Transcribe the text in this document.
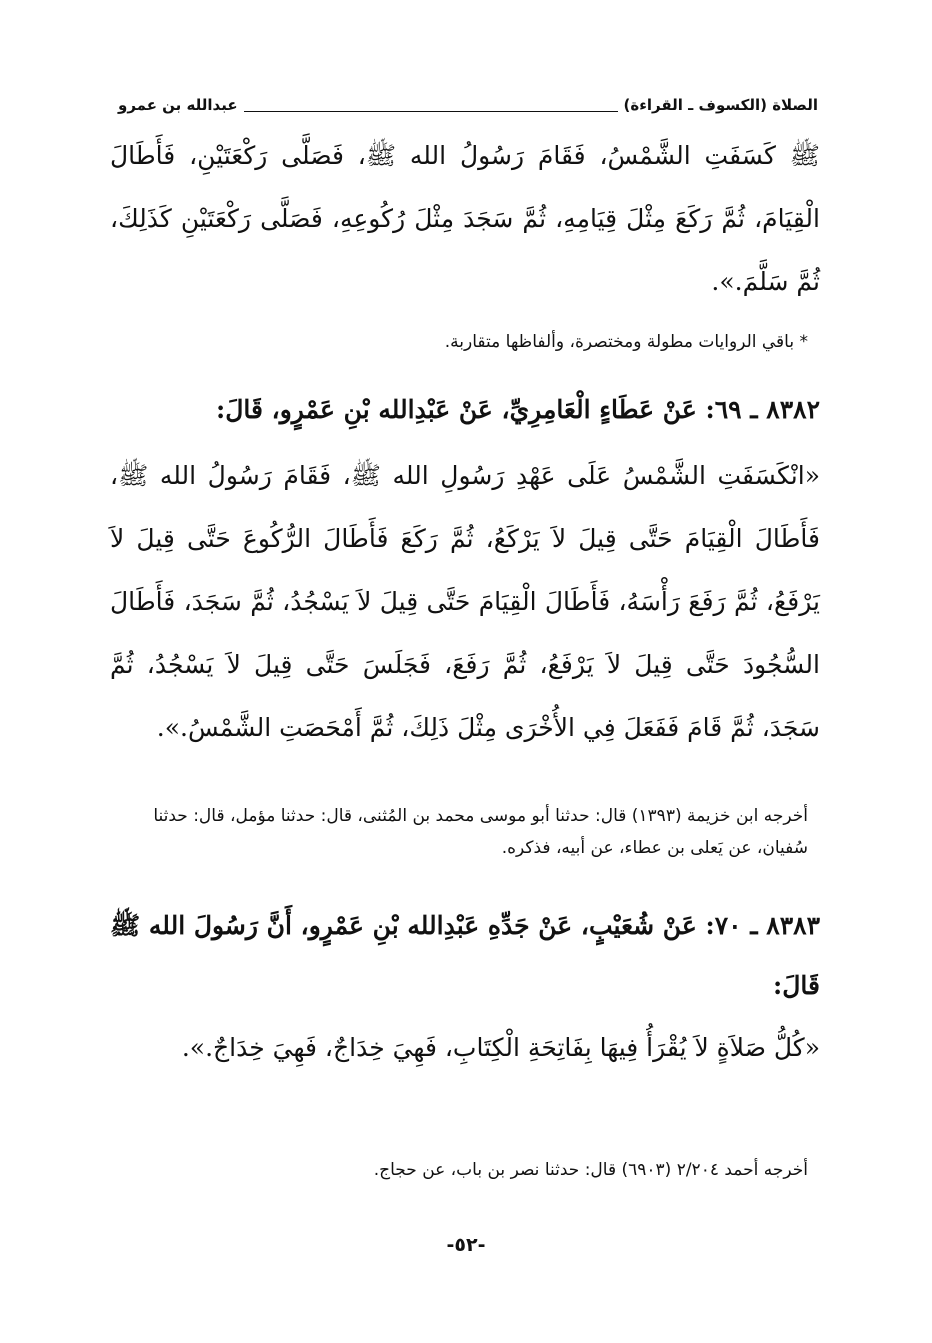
الصلاة (الكسوف ـ القراءة)
عبدالله بن عمرو

ﷺ كَسَفَتِ الشَّمْسُ، فَقَامَ رَسُولُ الله ﷺ، فَصَلَّى رَكْعَتَيْنِ، فَأَطَالَ الْقِيَامَ، ثُمَّ رَكَعَ مِثْلَ قِيَامِهِ، ثُمَّ سَجَدَ مِثْلَ رُكُوعِهِ، فَصَلَّى رَكْعَتَيْنِ كَذَلِكَ، ثُمَّ سَلَّمَ.».

* باقي الروايات مطولة ومختصرة، وألفاظها متقاربة.

٨٣٨٢ ـ ٦٩: عَنْ عَطَاءٍ الْعَامِرِيِّ، عَنْ عَبْدِالله بْنِ عَمْرٍو، قَالَ:

«انْكَسَفَتِ الشَّمْسُ عَلَى عَهْدِ رَسُولِ الله ﷺ، فَقَامَ رَسُولُ الله ﷺ، فَأَطَالَ الْقِيَامَ حَتَّى قِيلَ لاَ يَرْكَعُ، ثُمَّ رَكَعَ فَأَطَالَ الرُّكُوعَ حَتَّى قِيلَ لاَ يَرْفَعُ، ثُمَّ رَفَعَ رَأْسَهُ، فَأَطَالَ الْقِيَامَ حَتَّى قِيلَ لاَ يَسْجُدُ، ثُمَّ سَجَدَ، فَأَطَالَ السُّجُودَ حَتَّى قِيلَ لاَ يَرْفَعُ، ثُمَّ رَفَعَ، فَجَلَسَ حَتَّى قِيلَ لاَ يَسْجُدُ، ثُمَّ سَجَدَ، ثُمَّ قَامَ فَفَعَلَ فِي الأُخْرَى مِثْلَ ذَلِكَ، ثُمَّ أَمْحَصَتِ الشَّمْسُ.».

أخرجه ابن خزيمة (١٣٩٣) قال: حدثنا أبو موسى محمد بن المُثنى، قال: حدثنا مؤمل، قال: حدثنا سُفيان، عن يَعلى بن عطاء، عن أبيه، فذكره.

٨٣٨٣ ـ ٧٠: عَنْ شُعَيْبٍ، عَنْ جَدِّهِ عَبْدِالله بْنِ عَمْرٍو، أَنَّ رَسُولَ الله ﷺ قَالَ:

«كُلُّ صَلاَةٍ لاَ يُقْرَأُ فِيهَا بِفَاتِحَةِ الْكِتَابِ، فَهِيَ خِدَاجٌ، فَهِيَ خِدَاجٌ.».

أخرجه أحمد ٢/٢٠٤ (٦٩٠٣) قال: حدثنا نصر بن باب، عن حجاج.

-٥٢-
